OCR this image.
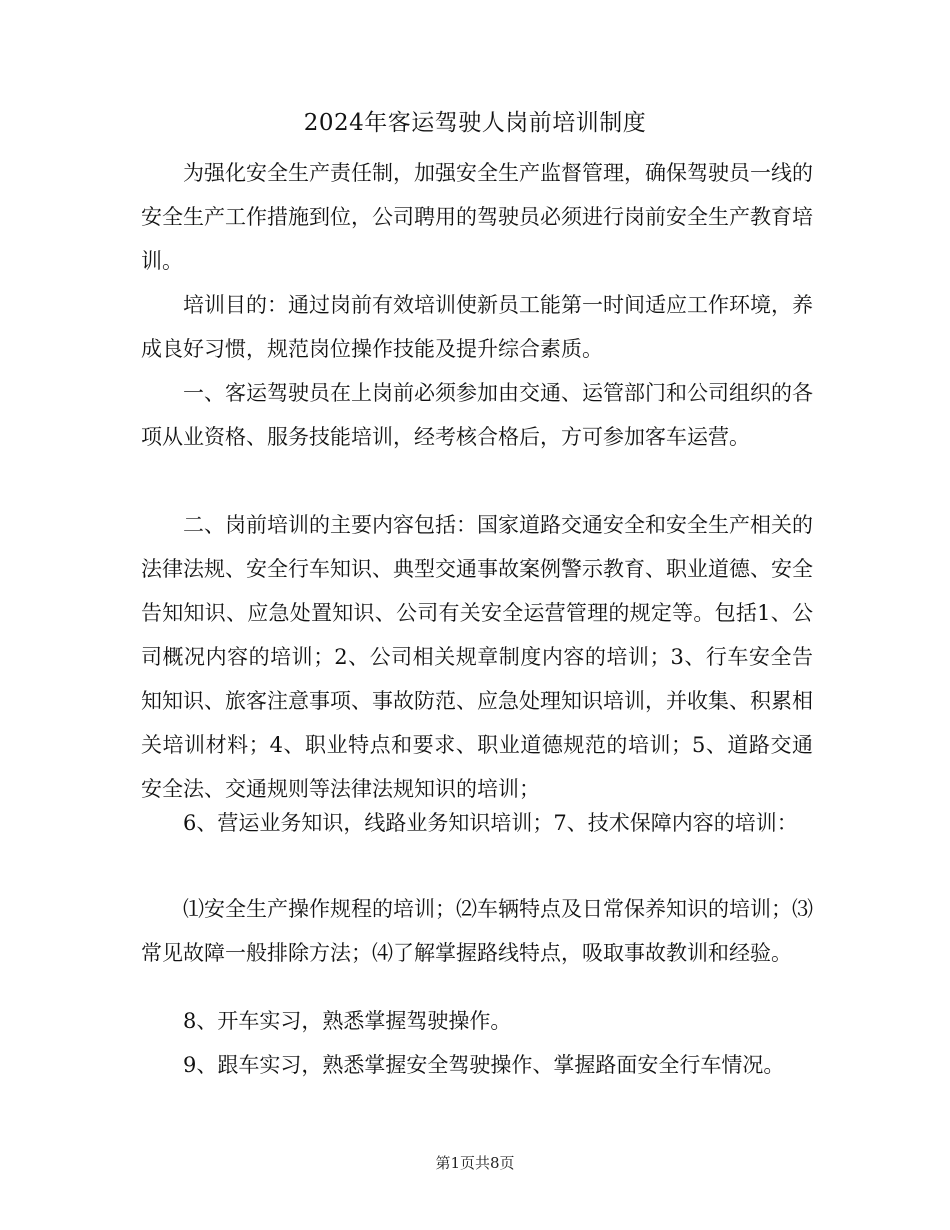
2024年客运驾驶人岗前培训制度

为强化安全生产责任制，加强安全生产监督管理，确保驾驶员一线的安全生产工作措施到位，公司聘用的驾驶员必须进行岗前安全生产教育培训。

培训目的：通过岗前有效培训使新员工能第一时间适应工作环境，养成良好习惯，规范岗位操作技能及提升综合素质。

一、客运驾驶员在上岗前必须参加由交通、运管部门和公司组织的各项从业资格、服务技能培训，经考核合格后，方可参加客车运营。

二、岗前培训的主要内容包括：国家道路交通安全和安全生产相关的法律法规、安全行车知识、典型交通事故案例警示教育、职业道德、安全告知知识、应急处置知识、公司有关安全运营管理的规定等。包括1、公司概况内容的培训；2、公司相关规章制度内容的培训；3、行车安全告知知识、旅客注意事项、事故防范、应急处理知识培训，并收集、积累相关培训材料；4、职业特点和要求、职业道德规范的培训；5、道路交通安全法、交通规则等法律法规知识的培训；

6、营运业务知识，线路业务知识培训；7、技术保障内容的培训：

⑴安全生产操作规程的培训；⑵车辆特点及日常保养知识的培训；⑶常见故障一般排除方法；⑷了解掌握路线特点，吸取事故教训和经验。

8、开车实习，熟悉掌握驾驶操作。

9、跟车实习，熟悉掌握安全驾驶操作、掌握路面安全行车情况。

第1页共8页
